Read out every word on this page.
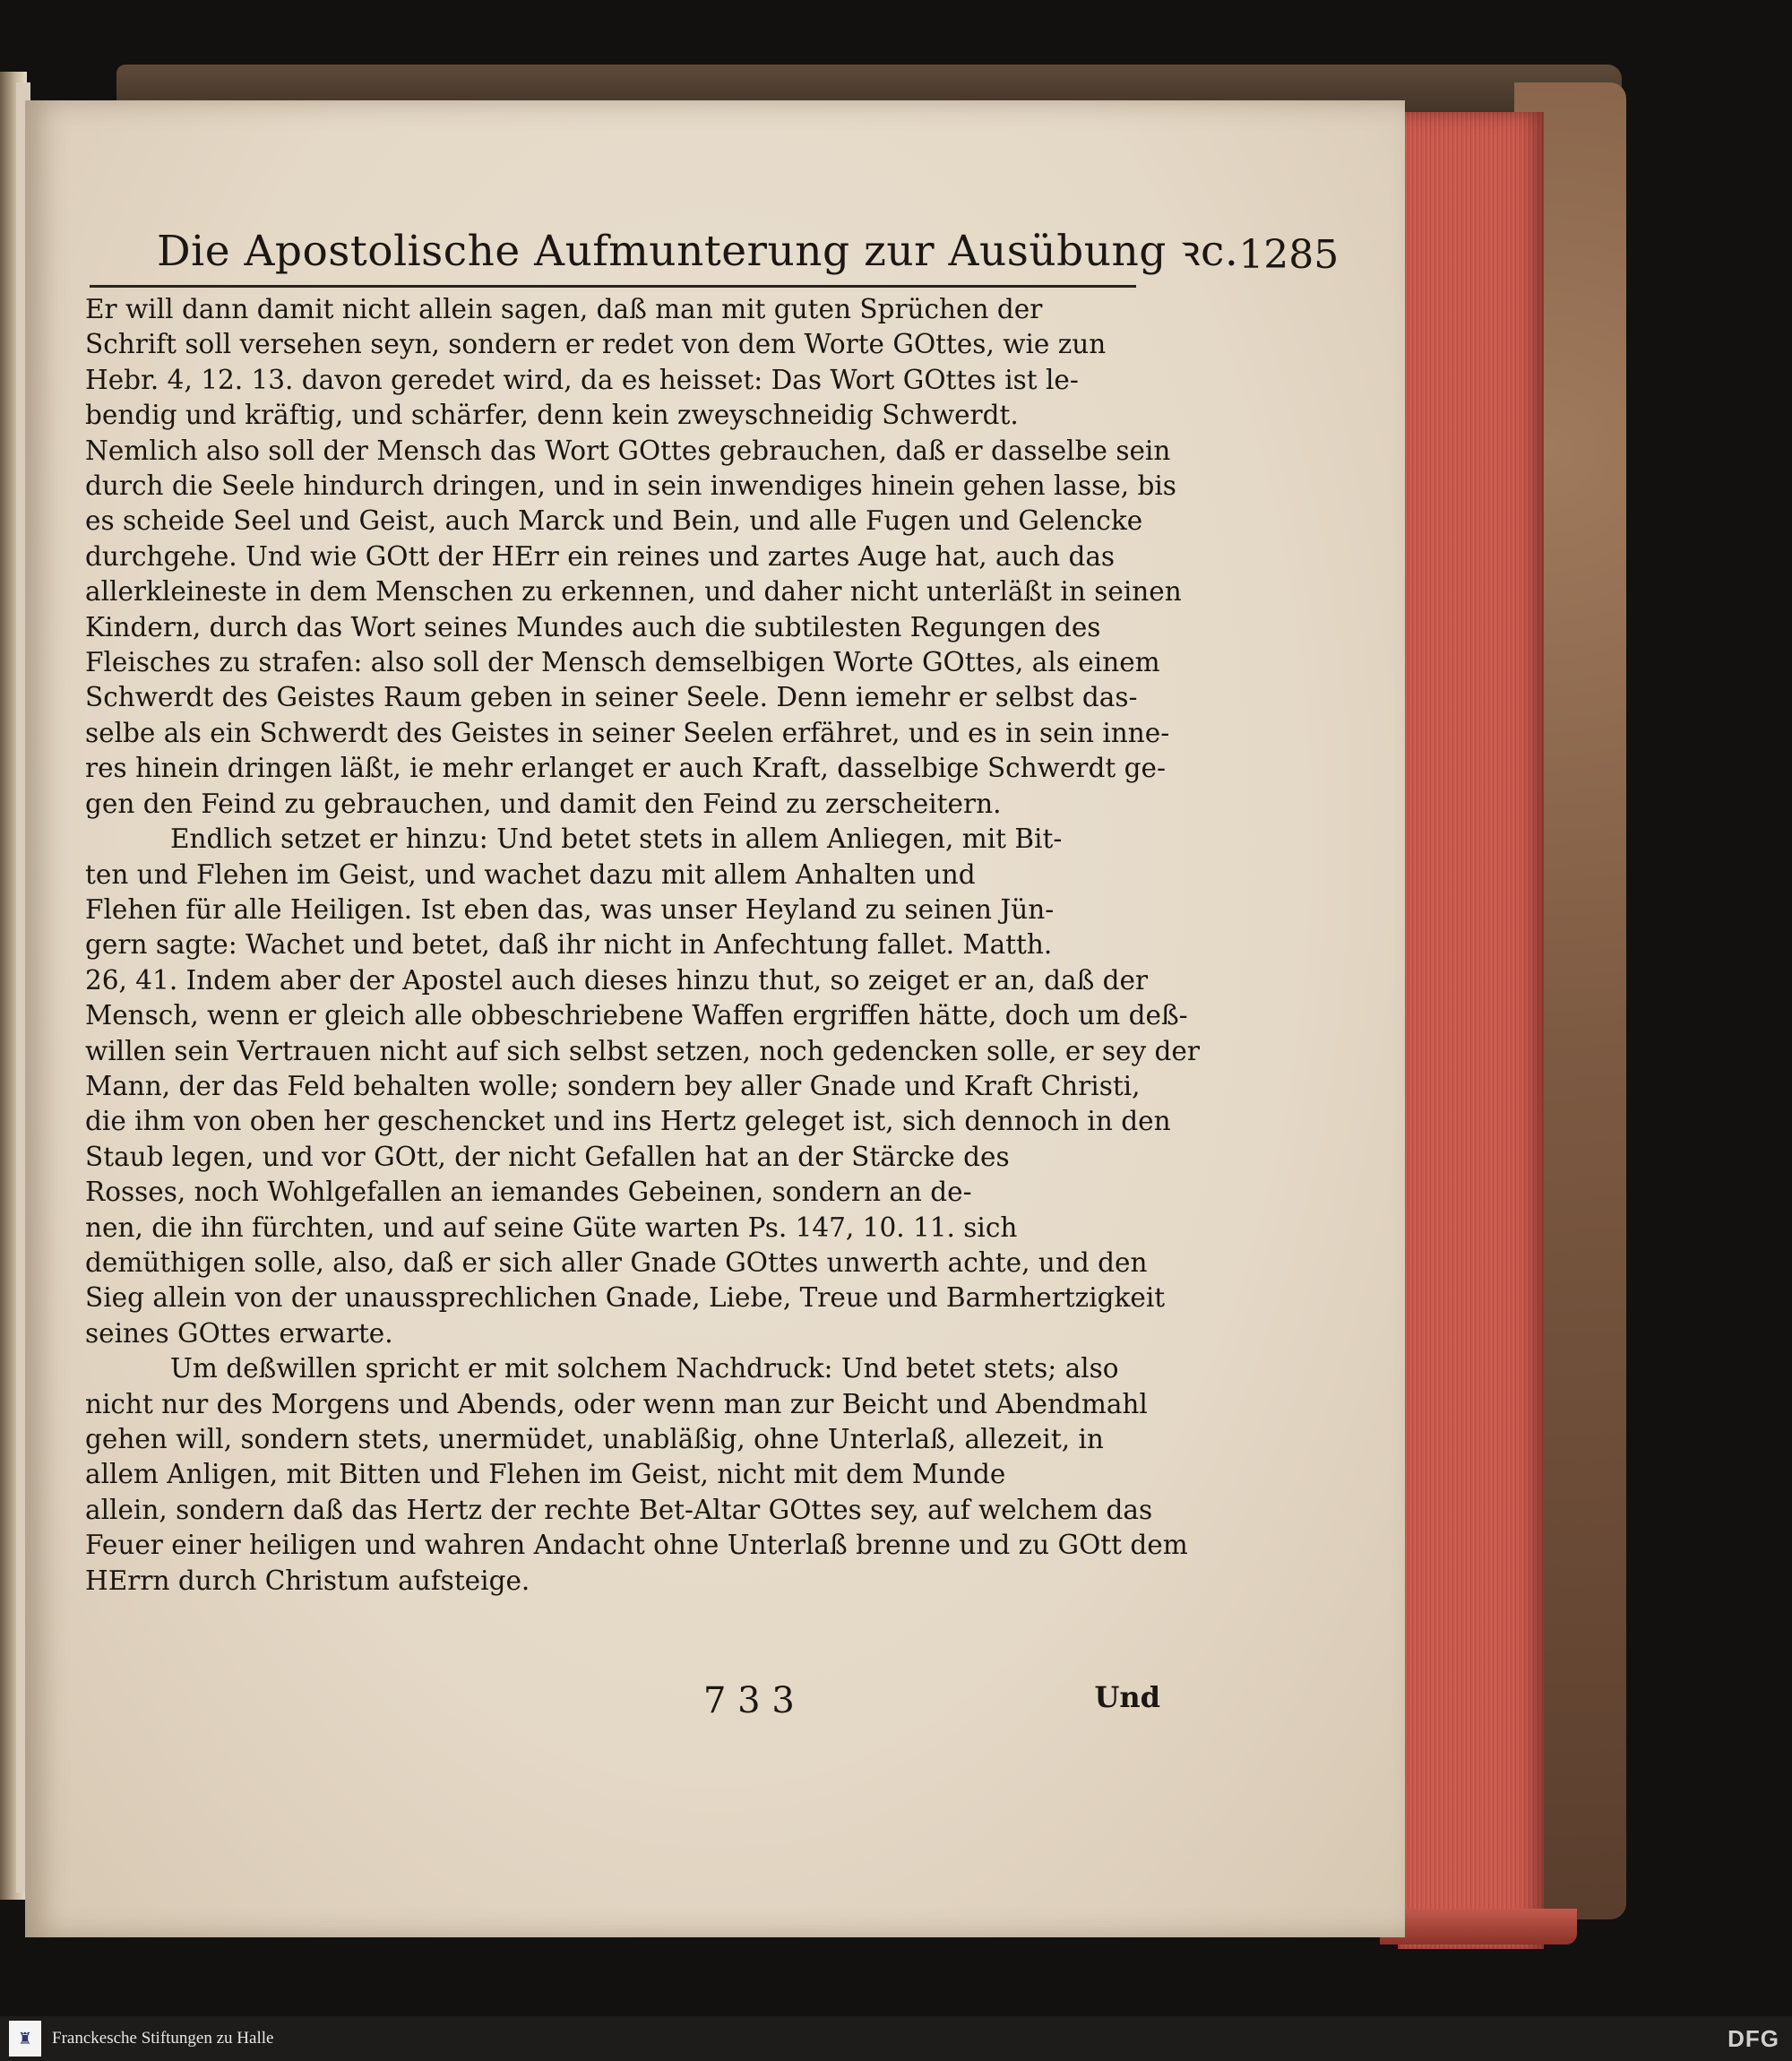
Die Apostolische Aufmunterung zur Ausübung ꝛc. 1285

Er will dann damit nicht allein sagen, daß man mit guten Sprüchen der
Schrift soll versehen seyn, sondern er redet von dem Worte GOttes, wie zun
Hebr. 4, 12. 13. davon geredet wird, da es heisset: Das Wort GOttes ist le-
bendig und kräftig, und schärfer, denn kein zweyschneidig Schwerdt.
Nemlich also soll der Mensch das Wort GOttes gebrauchen, daß er dasselbe sein
durch die Seele hindurch dringen, und in sein inwendiges hinein gehen lasse, bis
es scheide Seel und Geist, auch Marck und Bein, und alle Fugen und Gelencke
durchgehe. Und wie GOtt der HErr ein reines und zartes Auge hat, auch das
allerkleineste in dem Menschen zu erkennen, und daher nicht unterläßt in seinen
Kindern, durch das Wort seines Mundes auch die subtilesten Regungen des
Fleisches zu strafen: also soll der Mensch demselbigen Worte GOttes, als einem
Schwerdt des Geistes Raum geben in seiner Seele. Denn iemehr er selbst das-
selbe als ein Schwerdt des Geistes in seiner Seelen erfähret, und es in sein inne-
res hinein dringen läßt, ie mehr erlanget er auch Kraft, dasselbige Schwerdt ge-
gen den Feind zu gebrauchen, und damit den Feind zu zerscheitern.

Endlich setzet er hinzu: Und betet stets in allem Anliegen, mit Bit-
ten und Flehen im Geist, und wachet dazu mit allem Anhalten und
Flehen für alle Heiligen. Ist eben das, was unser Heyland zu seinen Jün-
gern sagte: Wachet und betet, daß ihr nicht in Anfechtung fallet. Matth.
26, 41. Indem aber der Apostel auch dieses hinzu thut, so zeiget er an, daß der
Mensch, wenn er gleich alle obbeschriebene Waffen ergriffen hätte, doch um deß-
willen sein Vertrauen nicht auf sich selbst setzen, noch gedencken solle, er sey der
Mann, der das Feld behalten wolle; sondern bey aller Gnade und Kraft Christi,
die ihm von oben her geschencket und ins Hertz geleget ist, sich dennoch in den
Staub legen, und vor GOtt, der nicht Gefallen hat an der Stärcke des
Rosses, noch Wohlgefallen an iemandes Gebeinen, sondern an de-
nen, die ihn fürchten, und auf seine Güte warten Ps. 147, 10. 11. sich
demüthigen solle, also, daß er sich aller Gnade GOttes unwerth achte, und den
Sieg allein von der unaussprechlichen Gnade, Liebe, Treue und Barmhertzigkeit
seines GOttes erwarte.

Um deßwillen spricht er mit solchem Nachdruck: Und betet stets; also
nicht nur des Morgens und Abends, oder wenn man zur Beicht und Abendmahl
gehen will, sondern stets, unermüdet, unabläßig, ohne Unterlaß, allezeit, in
allem Anligen, mit Bitten und Flehen im Geist, nicht mit dem Munde
allein, sondern daß das Hertz der rechte Bet-Altar GOttes sey, auf welchem das
Feuer einer heiligen und wahren Andacht ohne Unterlaß brenne und zu GOtt dem
HErrn durch Christum aufsteige.

7 3 3	Und
♜ Franckesche Stiftungen zu Halle	DFG
